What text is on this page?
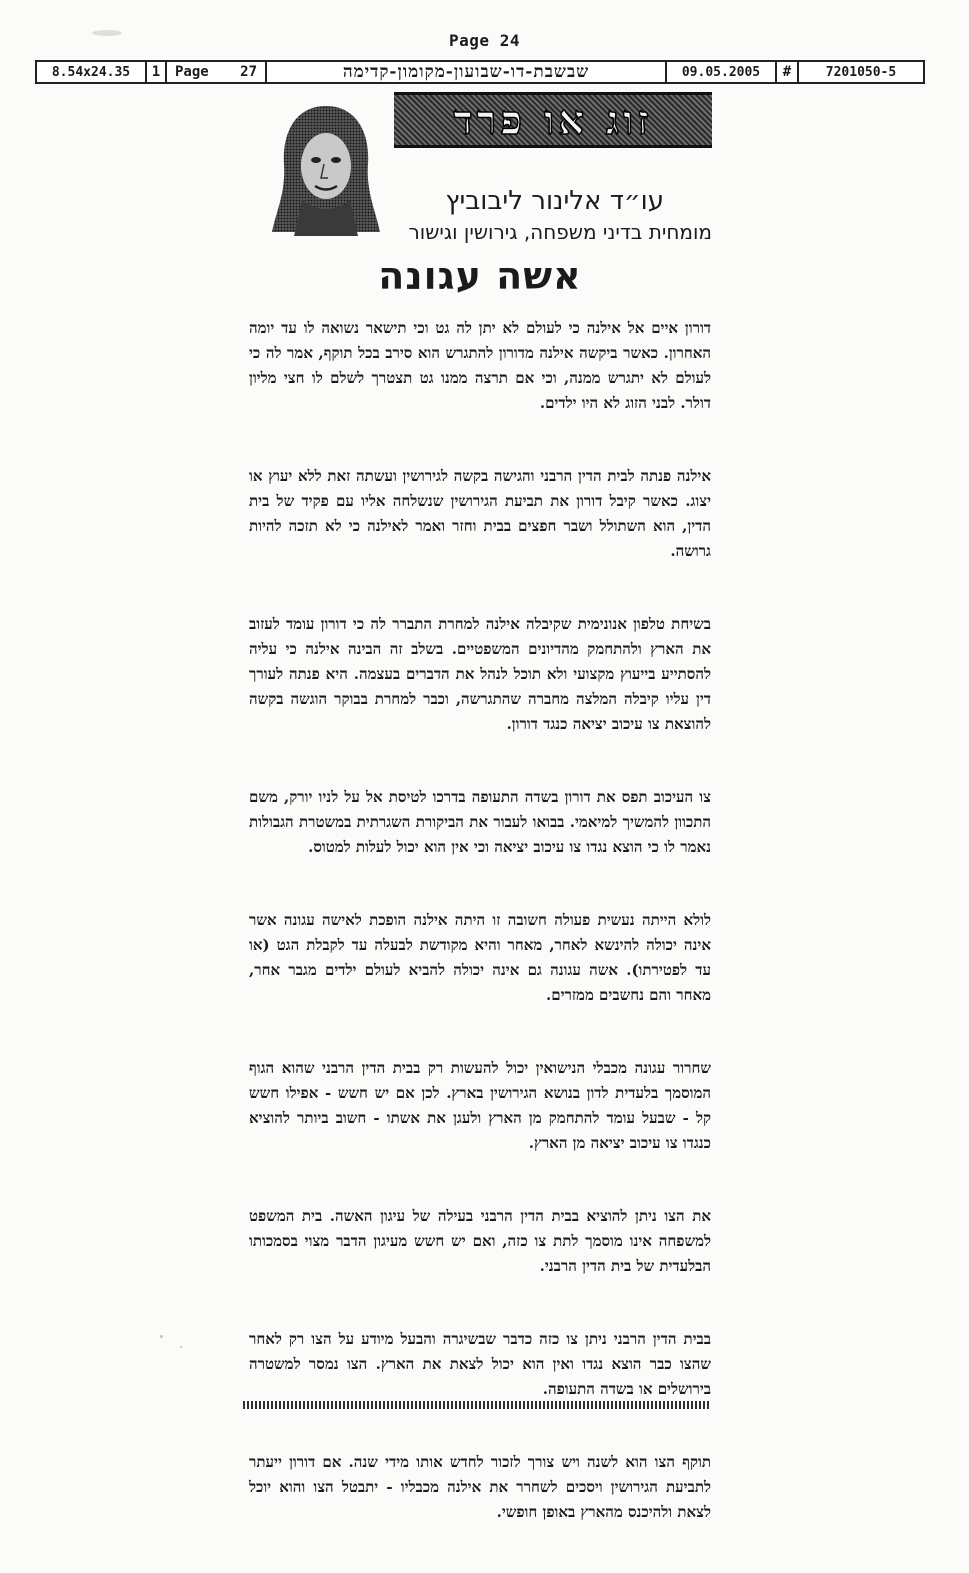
Page 24
8.54x24.35	1	Page 27	שבשבת-דו-שבועון-מקומון-קדימה	09.05.2005	#	7201050-5
זוג או פרד
עו״ד אלינור ליבוביץ
מומחית בדיני משפחה, גירושין וגישור
אשה עגונה

דורון איים אל אילנה כי לעולם לא יתן לה גט וכי תישאר נשואה לו עד יומה האחרון. כאשר ביקשה אילנה מדורון להתגרש הוא סירב בכל תוקף, אמר לה כי לעולם לא יתגרש ממנה, וכי אם תרצה ממנו גט תצטרך לשלם לו חצי מליון דולר. לבני הזוג לא היו ילדים.

אילנה פנתה לבית הדין הרבני והגישה בקשה לגירושין ועשתה זאת ללא יעוץ או יצוג. כאשר קיבל דורון את תביעת הגירושין שנשלחה אליו עם פקיד של בית הדין, הוא השתולל ושבר חפצים בבית וחזר ואמר לאילנה כי לא תזכה להיות גרושה.

בשיחת טלפון אנונימית שקיבלה אילנה למחרת התברר לה כי דורון עומד לעזוב את הארץ ולהתחמק מהדיונים המשפטיים. בשלב זה הבינה אילנה כי עליה להסתייע בייעוץ מקצועי ולא תוכל לנהל את הדברים בעצמה. היא פנתה לעורך דין עליו קיבלה המלצה מחברה שהתגרשה, וכבר למחרת בבוקר הוגשה בקשה להוצאת צו עיכוב יציאה כנגד דורון.

צו העיכוב תפס את דורון בשדה התעופה בדרכו לטיסת אל על לניו יורק, משם התכוון להמשיך למיאמי. בבואו לעבור את הביקורת השגרתית במשטרת הגבולות נאמר לו כי הוצא נגדו צו עיכוב יציאה וכי אין הוא יכול לעלות למטוס.

לולא הייתה נעשית פעולה חשובה זו היתה אילנה הופכת לאישה עגונה אשר אינה יכולה להינשא לאחר, מאחר והיא מקודשת לבעלה עד לקבלת הגט (או עד לפטירתו). אשה עגונה גם אינה יכולה להביא לעולם ילדים מגבר אחר, מאחר והם נחשבים ממזרים.

שחרור עגונה מכבלי הנישואין יכול להעשות רק בבית הדין הרבני שהוא הגוף המוסמך בלעדית לדון בנושא הגירושין בארץ. לכן אם יש חשש - אפילו חשש קל - שבעל עומד להתחמק מן הארץ ולעגן את אשתו - חשוב ביותר להוציא כנגדו צו עיכוב יציאה מן הארץ.

את הצו ניתן להוציא בבית הדין הרבני בעילה של עיגון האשה. בית המשפט למשפחה אינו מוסמך לתת צו כזה, ואם יש חשש מעיגון הדבר מצוי בסמכותו הבלעדית של בית הדין הרבני.

בבית הדין הרבני ניתן צו כזה כדבר שבשיגרה והבעל מיודע על הצו רק לאחר שהצו כבר הוצא נגדו ואין הוא יכול לצאת את הארץ. הצו נמסר למשטרה בירושלים או בשדה התעופה.

תוקף הצו הוא לשנה ויש צורך לזכור לחדש אותו מידי שנה. אם דורון ייעתר לתביעת הגירושין ויסכים לשחרר את אילנה מכבליו - יתבטל הצו והוא יוכל לצאת ולהיכנס מהארץ באופן חופשי.
